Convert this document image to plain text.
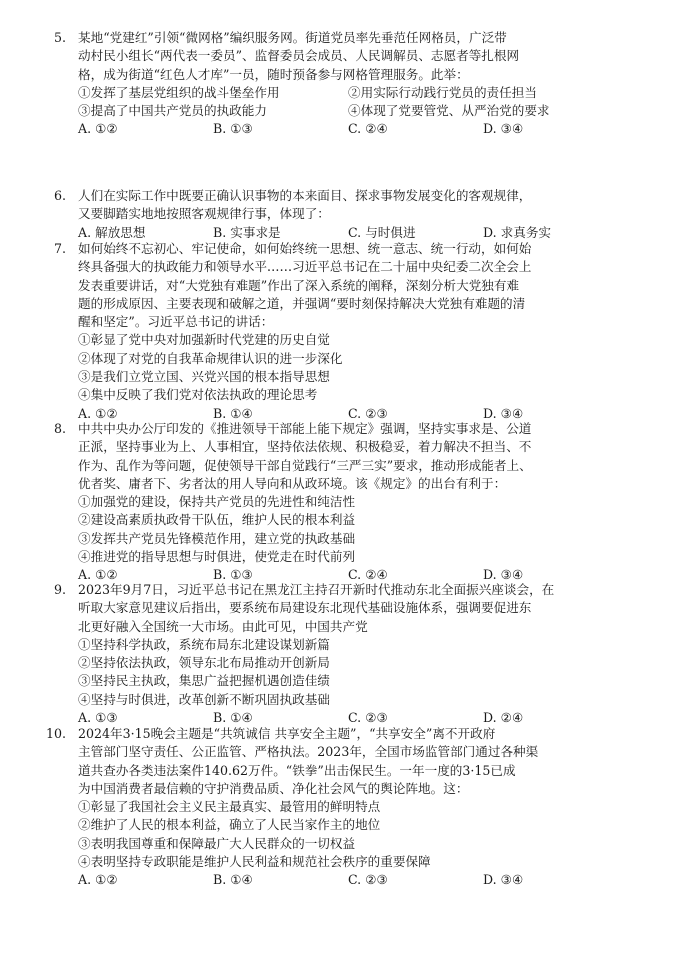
5. 某地“党建红”引领“微网格”编织服务网。街道党员率先垂范任网格员，广泛带
动村民小组长“两代表一委员”、监督委员会成员、人民调解员、志愿者等扎根网
格，成为街道“红色人才库”一员，随时预备参与网格管理服务。此举：
①发挥了基层党组织的战斗堡垒作用	②用实际行动践行党员的责任担当
③提高了中国共产党员的执政能力	④体现了党要管党、从严治党的要求
A. ①②	B. ①③	C. ②④	D. ③④
6. 人们在实际工作中既要正确认识事物的本来面目、探求事物发展变化的客观规律，
又要脚踏实地地按照客观规律行事，体现了：
A. 解放思想	B. 实事求是	C. 与时俱进	D. 求真务实
7. 如何始终不忘初心、牢记使命，如何始终统一思想、统一意志、统一行动，如何始
终具备强大的执政能力和领导水平……习近平总书记在二十届中央纪委二次全会上
发表重要讲话，对“大党独有难题”作出了深入系统的阐释，深刻分析大党独有难
题的形成原因、主要表现和破解之道，并强调“要时刻保持解决大党独有难题的清
醒和坚定”。习近平总书记的讲话：
①彰显了党中央对加强新时代党建的历史自觉
②体现了对党的自我革命规律认识的进一步深化
③是我们立党立国、兴党兴国的根本指导思想
④集中反映了我们党对依法执政的理论思考
A. ①②	B. ①④	C. ②③	D. ③④
8. 中共中央办公厅印发的《推进领导干部能上能下规定》强调，坚持实事求是、公道
正派，坚持事业为上、人事相宜，坚持依法依规、积极稳妥，着力解决不担当、不
作为、乱作为等问题，促使领导干部自觉践行“三严三实”要求，推动形成能者上、
优者奖、庸者下、劣者汰的用人导向和从政环境。该《规定》的出台有利于：
①加强党的建设，保持共产党员的先进性和纯洁性
②建设高素质执政骨干队伍，维护人民的根本利益
③发挥共产党员先锋模范作用，建立党的执政基础
④推进党的指导思想与时俱进，使党走在时代前列
A. ①②	B. ①③	C. ②④	D. ③④
9. 2023年9月7日，习近平总书记在黑龙江主持召开新时代推动东北全面振兴座谈会，在
听取大家意见建议后指出，要系统布局建设东北现代基础设施体系，强调要促进东
北更好融入全国统一大市场。由此可见，中国共产党
①坚持科学执政，系统布局东北建设谋划新篇
②坚持依法执政，领导东北布局推动开创新局
③坚持民主执政，集思广益把握机遇创造佳绩
④坚持与时俱进，改革创新不断巩固执政基础
A. ①③	B. ①④	C. ②③	D. ②④
10. 2024年3·15晚会主题是“共筑诚信 共享安全主题”，“共享安全”离不开政府
主管部门坚守责任、公正监管、严格执法。2023年，全国市场监管部门通过各种渠
道共查办各类违法案件140.62万件。“铁拳”出击保民生。一年一度的3·15已成
为中国消费者最信赖的守护消费品质、净化社会风气的舆论阵地。这：
①彰显了我国社会主义民主最真实、最管用的鲜明特点
②维护了人民的根本利益，确立了人民当家作主的地位
③表明我国尊重和保障最广大人民群众的一切权益
④表明坚持专政职能是维护人民利益和规范社会秩序的重要保障
A. ①②	B. ①④	C. ②③	D. ③④
